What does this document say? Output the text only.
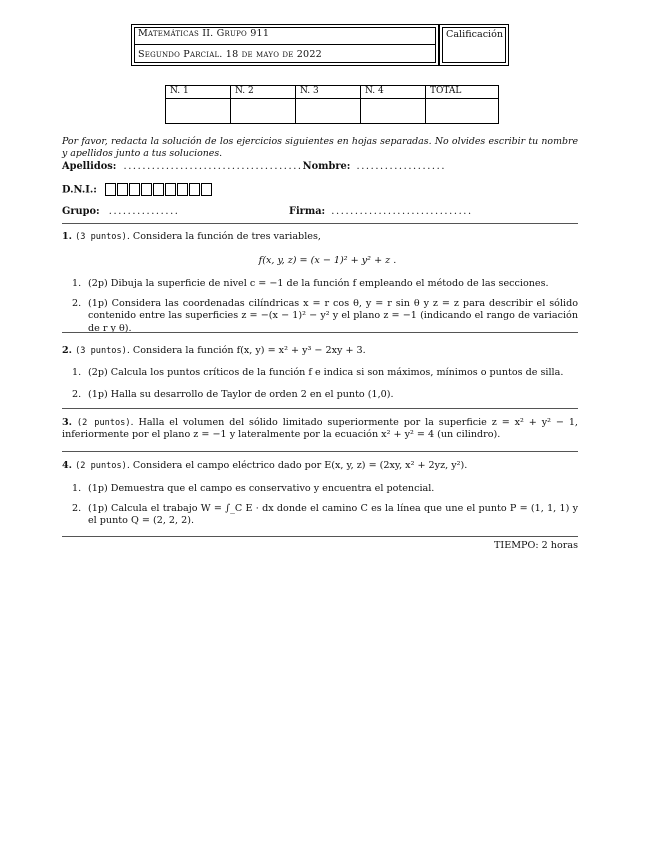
Matemáticas II. Grupo 911
Segundo Parcial. 18 de mayo de 2022
Calificación
N. 1	N. 2	N. 3	N. 4	TOTAL

Por favor, redacta la solución de los ejercicios siguientes en hojas separadas. No olvides escribir tu nombre y apellidos junto a tus soluciones.
Apellidos: ......................................Nombre: ...................
D.N.I.:
Grupo: ...............	Firma: ..............................
1. (3 puntos). Considera la función de tres variables,
f(x, y, z) = (x − 1)² + y² + z .
1. (2p) Dibuja la superficie de nivel c = −1 de la función f empleando el método de las secciones.
2. (1p) Considera las coordenadas cilíndricas x = r cos θ, y = r sin θ y z = z para describir el sólido contenido entre las superficies z = −(x − 1)² − y² y el plano z = −1 (indicando el rango de variación de r y θ).
2. (3 puntos). Considera la función f(x, y) = x² + y³ − 2xy + 3.
1. (2p) Calcula los puntos críticos de la función f e indica si son máximos, mínimos o puntos de silla.
2. (1p) Halla su desarrollo de Taylor de orden 2 en el punto (1,0).
3. (2 puntos). Halla el volumen del sólido limitado superiormente por la superficie z = x² + y² − 1, inferiormente por el plano z = −1 y lateralmente por la ecuación x² + y² = 4 (un cilindro).
4. (2 puntos). Considera el campo eléctrico dado por E(x, y, z) = (2xy, x² + 2yz, y²).
1. (1p) Demuestra que el campo es conservativo y encuentra el potencial.
2. (1p) Calcula el trabajo W = ∫_C E · dx donde el camino C es la línea que une el punto P = (1, 1, 1) y el punto Q = (2, 2, 2).
TIEMPO: 2 horas
